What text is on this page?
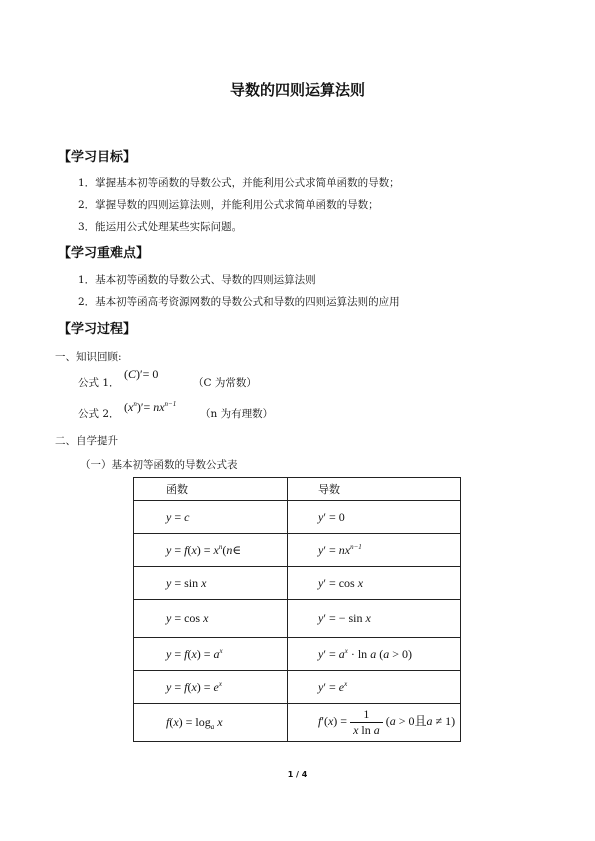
导数的四则运算法则
【学习目标】
1．掌握基本初等函数的导数公式，并能利用公式求简单函数的导数；
2．掌握导数的四则运算法则，并能利用公式求简单函数的导数；
3．能运用公式处理某些实际问题。
【学习重难点】
1．基本初等函数的导数公式、导数的四则运算法则
2．基本初等函高考资源网数的导数公式和导数的四则运算法则的应用
【学习过程】
一、知识回顾:
公式 1．
(C)′= 0
（C 为常数）
公式 2． $(x^n)'= nx^{n-1}$
（n 为有理数）
二、自学提升
（一）基本初等函数的导数公式表
函数	导数
y = c	y′ = 0
$y = f(x) = x^n(n\in$	$y' = nx^{n-1}$
y = sin x	y′ = cos x
y = cos x	y′ = − sin x
$y = f(x) = a^x$	$y' = a^x \cdot \ln a$ (a > 0)
$y = f(x) = e^x$	$y' = e^x$
$f(x) = \log_a x$	$f'(x) = \frac{1}{\text{x ln a}} (a > 0$且a ≠ 1)
1 / 4
